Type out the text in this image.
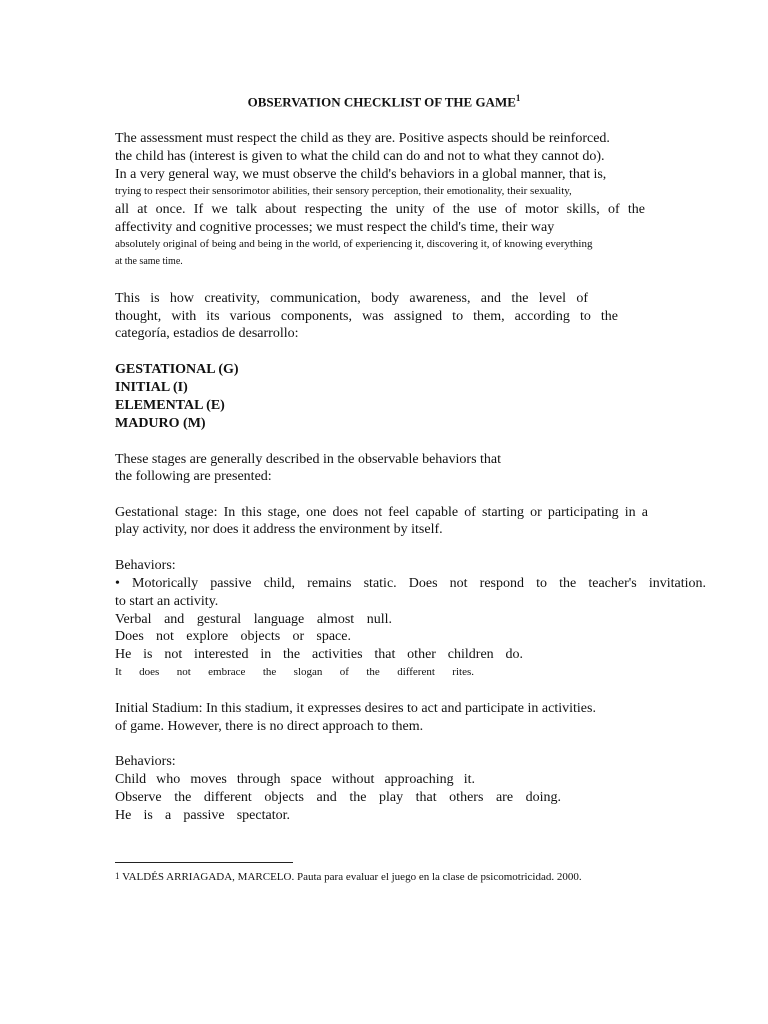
OBSERVATION CHECKLIST OF THE GAME$^1$
The assessment must respect the child as they are. Positive aspects should be reinforced.
the child has (interest is given to what the child can do and not to what they cannot do).
In a very general way, we must observe the child's behaviors in a global manner, that is,
trying to respect their sensorimotor abilities, their sensory perception, their emotionality, their sexuality,
all at once. If we talk about respecting the unity of the use of motor skills, of the
affectivity and cognitive processes; we must respect the child's time, their way
absolutely original of being and being in the world, of experiencing it, discovering it, of knowing everything
at the same time.
This is how creativity, communication, body awareness, and the level of
thought, with its various components, was assigned to them, according to the
categoría, estadios de desarrollo:
GESTATIONAL (G)
INITIAL (I)
ELEMENTAL (E)
MADURO (M)
These stages are generally described in the observable behaviors that
the following are presented:
Gestational stage: In this stage, one does not feel capable of starting or participating in a
play activity, nor does it address the environment by itself.
Behaviors:
• Motorically passive child, remains static. Does not respond to the teacher's invitation.
to start an activity.
Verbal and gestural language almost null.
Does not explore objects or space.
He is not interested in the activities that other children do.
It does not embrace the slogan of the different rites.
Initial Stadium: In this stadium, it expresses desires to act and participate in activities.
of game. However, there is no direct approach to them.
Behaviors:
Child who moves through space without approaching it.
Observe the different objects and the play that others are doing.
He is a passive spectator.
1 VALDÉS ARRIAGADA, MARCELO. Pauta para evaluar el juego en la clase de psicomotricidad. 2000.
